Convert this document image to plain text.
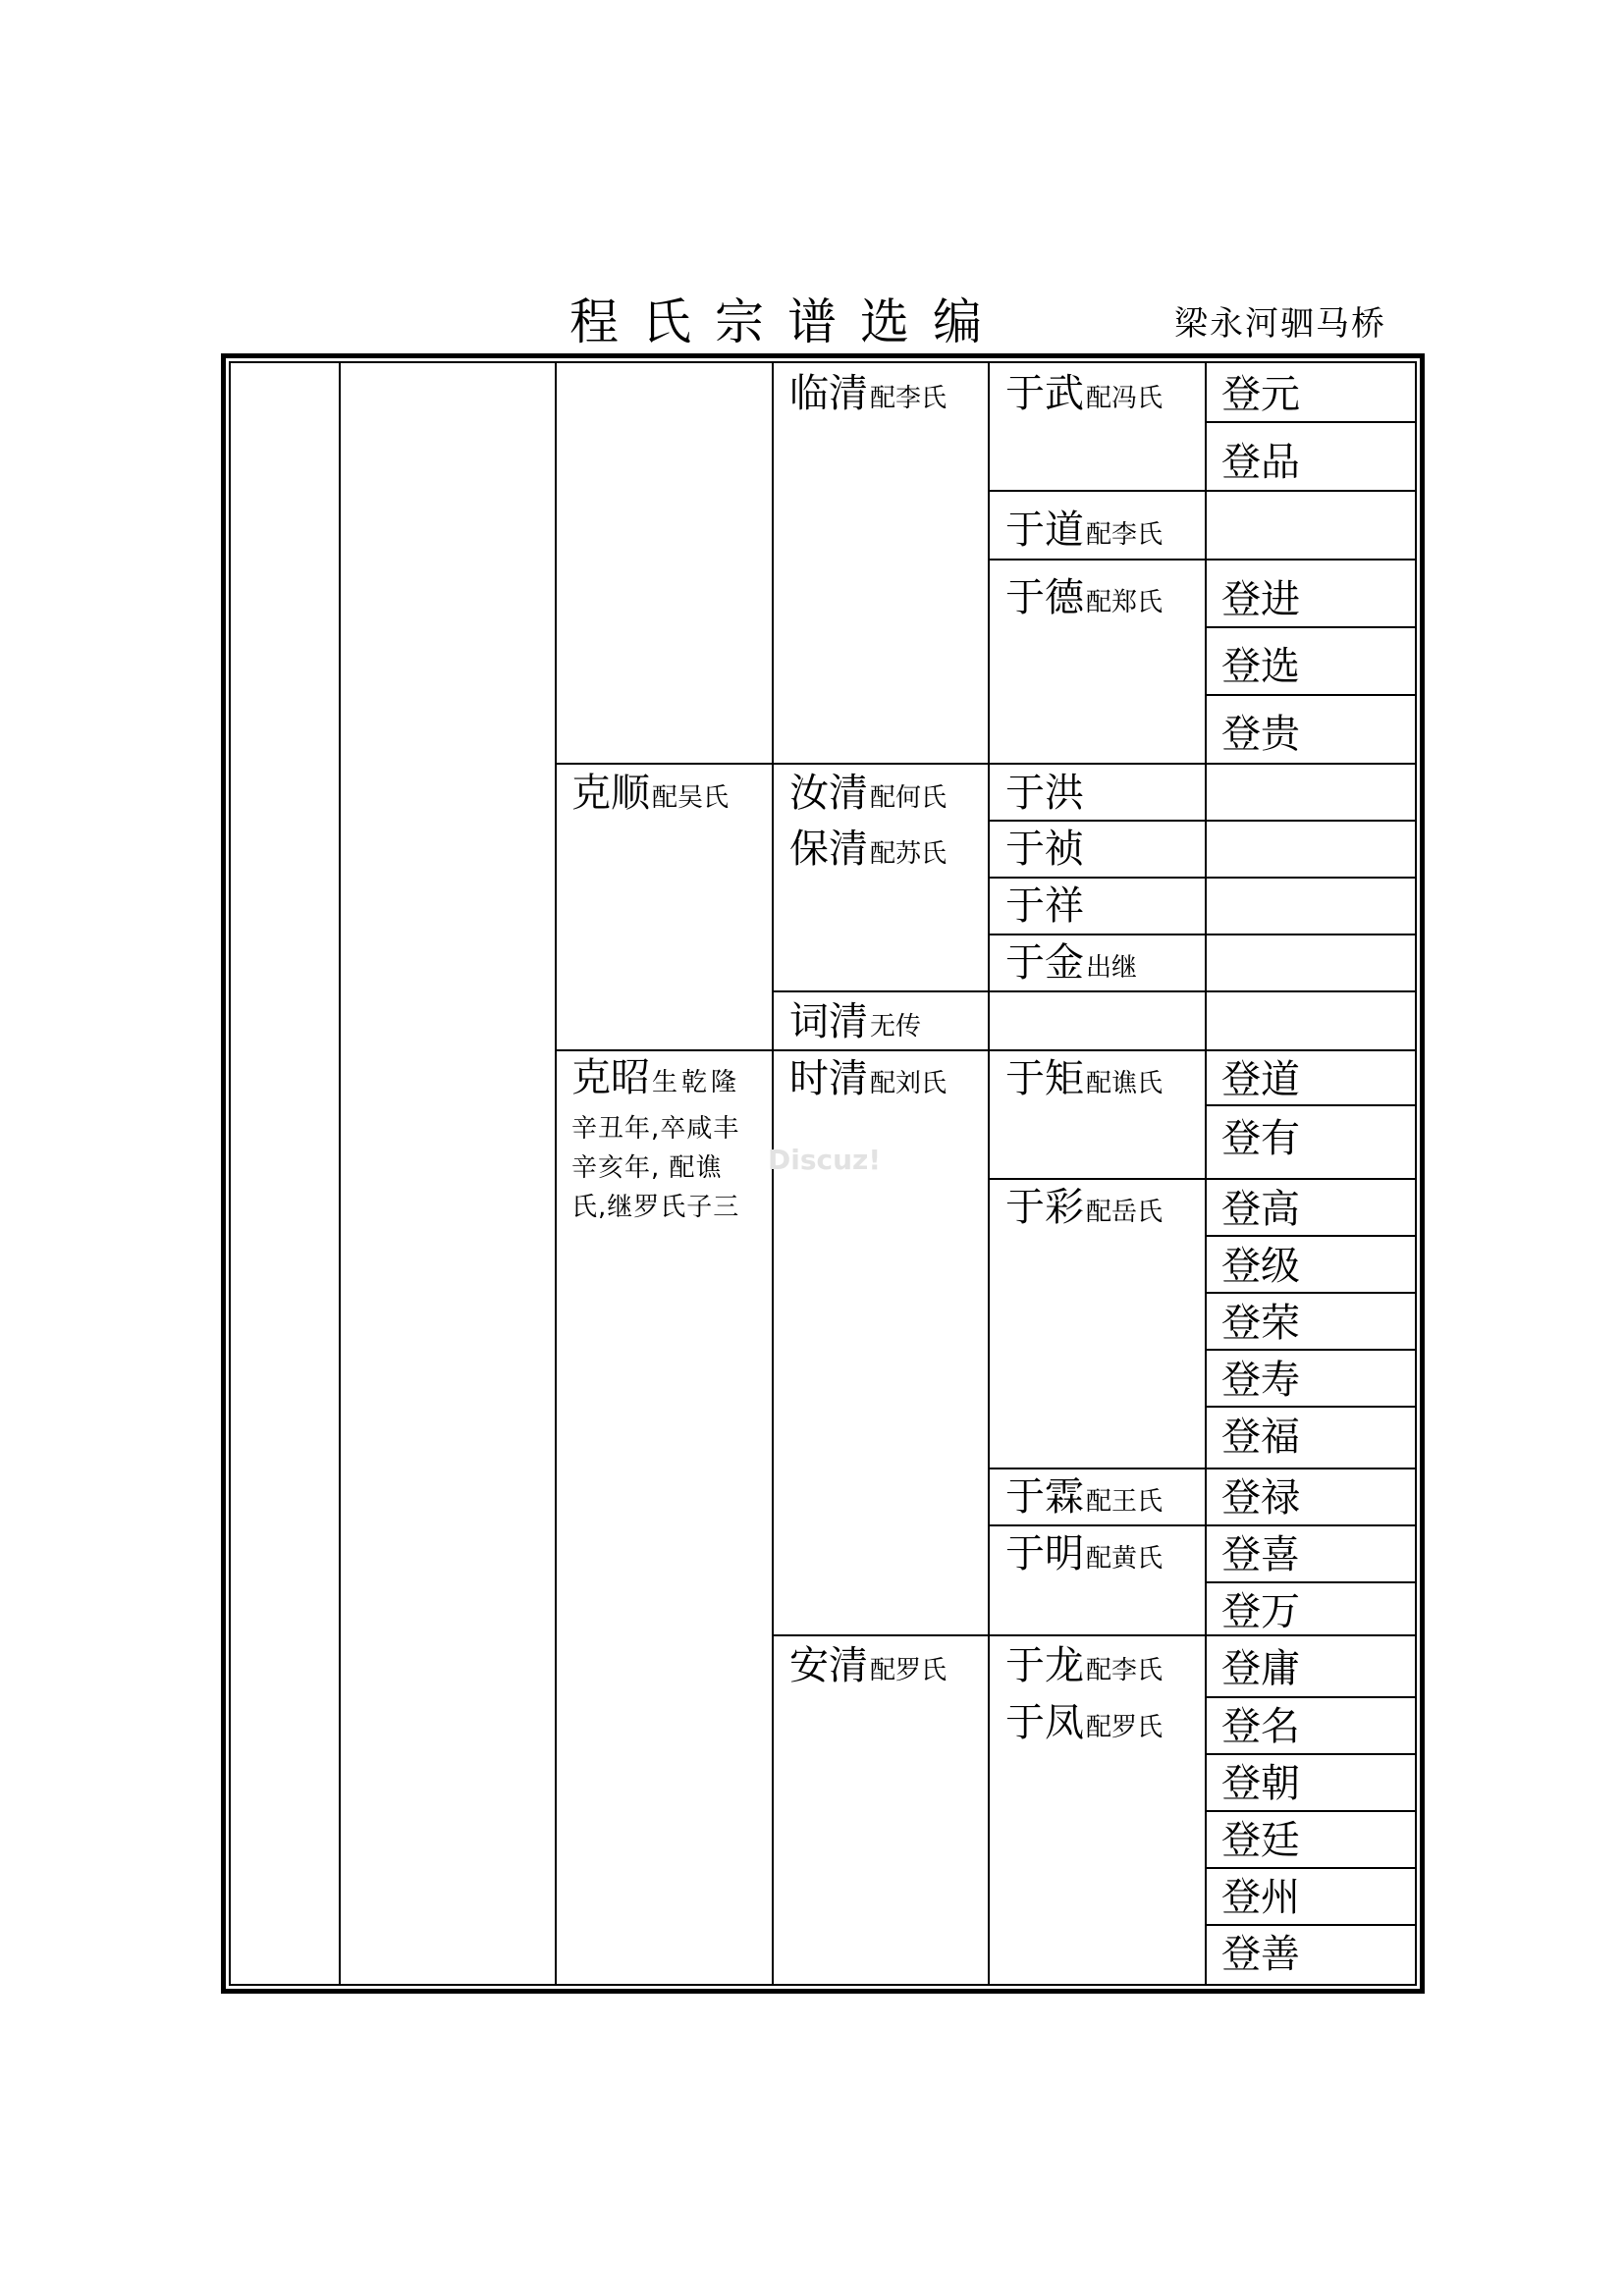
程氏宗谱选编	梁永河驷马桥
克顺配吴氏
克昭生乾隆
辛丑年,卒咸丰
辛亥年, 配谯
氏,继罗氏子三
临清配李氏
汝清配何氏
保清配苏氏
词清无传
时清配刘氏
安清配罗氏
于武配冯氏
于道配李氏
于德配郑氏
于洪
于祯
于祥
于金出继
于矩配谯氏
于彩配岳氏
于霖配王氏
于明配黄氏
于龙配李氏
于凤配罗氏
登元
登品
登进
登选
登贵
登道
登有
登高
登级
登荣
登寿
登福
登禄
登喜
登万
登庸
登名
登朝
登廷
登州
登善
Discuz!
